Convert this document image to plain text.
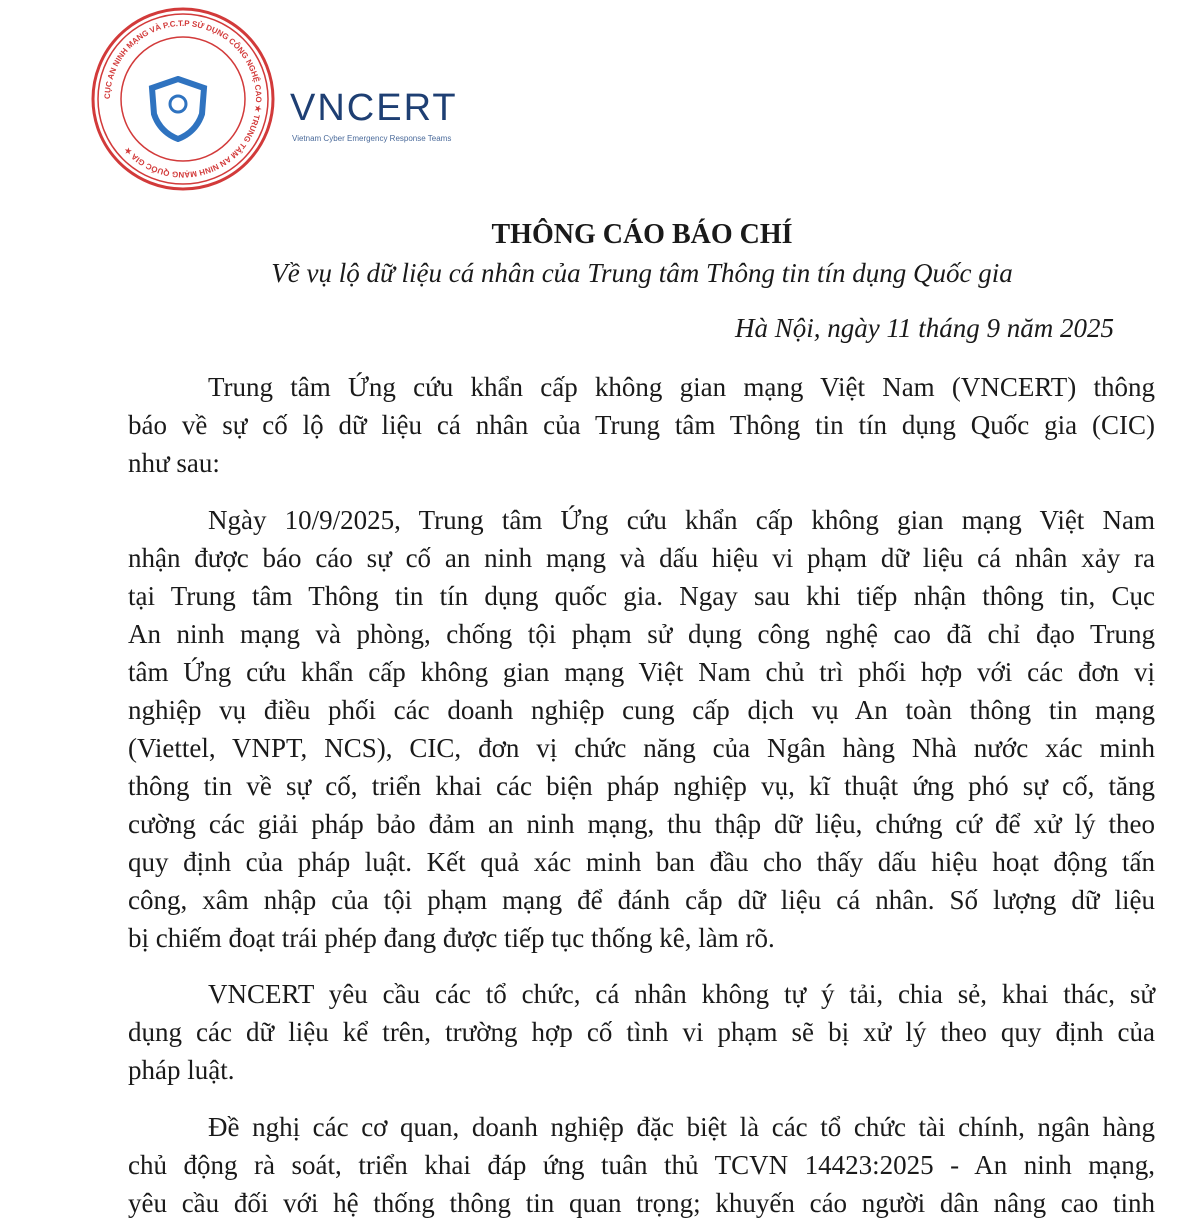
CỤC AN NINH MẠNG VÀ P.C.T.P SỬ DỤNG CÔNG NGHỆ CAO ★ TRUNG TÂM AN NINH MẠNG QUỐC GIA ★
VNCERT
Vietnam Cyber Emergency Response Teams
THÔNG CÁO BÁO CHÍ
Về vụ lộ dữ liệu cá nhân của Trung tâm Thông tin tín dụng Quốc gia
Hà Nội, ngày 11 tháng 9 năm 2025
Trung tâm Ứng cứu khẩn cấp không gian mạng Việt Nam (VNCERT) thông
báo về sự cố lộ dữ liệu cá nhân của Trung tâm Thông tin tín dụng Quốc gia (CIC)
như sau:
Ngày 10/9/2025, Trung tâm Ứng cứu khẩn cấp không gian mạng Việt Nam
nhận được báo cáo sự cố an ninh mạng và dấu hiệu vi phạm dữ liệu cá nhân xảy ra
tại Trung tâm Thông tin tín dụng quốc gia. Ngay sau khi tiếp nhận thông tin, Cục
An ninh mạng và phòng, chống tội phạm sử dụng công nghệ cao đã chỉ đạo Trung
tâm Ứng cứu khẩn cấp không gian mạng Việt Nam chủ trì phối hợp với các đơn vị
nghiệp vụ điều phối các doanh nghiệp cung cấp dịch vụ An toàn thông tin mạng
(Viettel, VNPT, NCS), CIC, đơn vị chức năng của Ngân hàng Nhà nước xác minh
thông tin về sự cố, triển khai các biện pháp nghiệp vụ, kĩ thuật ứng phó sự cố, tăng
cường các giải pháp bảo đảm an ninh mạng, thu thập dữ liệu, chứng cứ để xử lý theo
quy định của pháp luật. Kết quả xác minh ban đầu cho thấy dấu hiệu hoạt động tấn
công, xâm nhập của tội phạm mạng để đánh cắp dữ liệu cá nhân. Số lượng dữ liệu
bị chiếm đoạt trái phép đang được tiếp tục thống kê, làm rõ.
VNCERT yêu cầu các tổ chức, cá nhân không tự ý tải, chia sẻ, khai thác, sử
dụng các dữ liệu kể trên, trường hợp cố tình vi phạm sẽ bị xử lý theo quy định của
pháp luật.
Đề nghị các cơ quan, doanh nghiệp đặc biệt là các tổ chức tài chính, ngân hàng
chủ động rà soát, triển khai đáp ứng tuân thủ TCVN 14423:2025 - An ninh mạng,
yêu cầu đối với hệ thống thông tin quan trọng; khuyến cáo người dân nâng cao tinh
